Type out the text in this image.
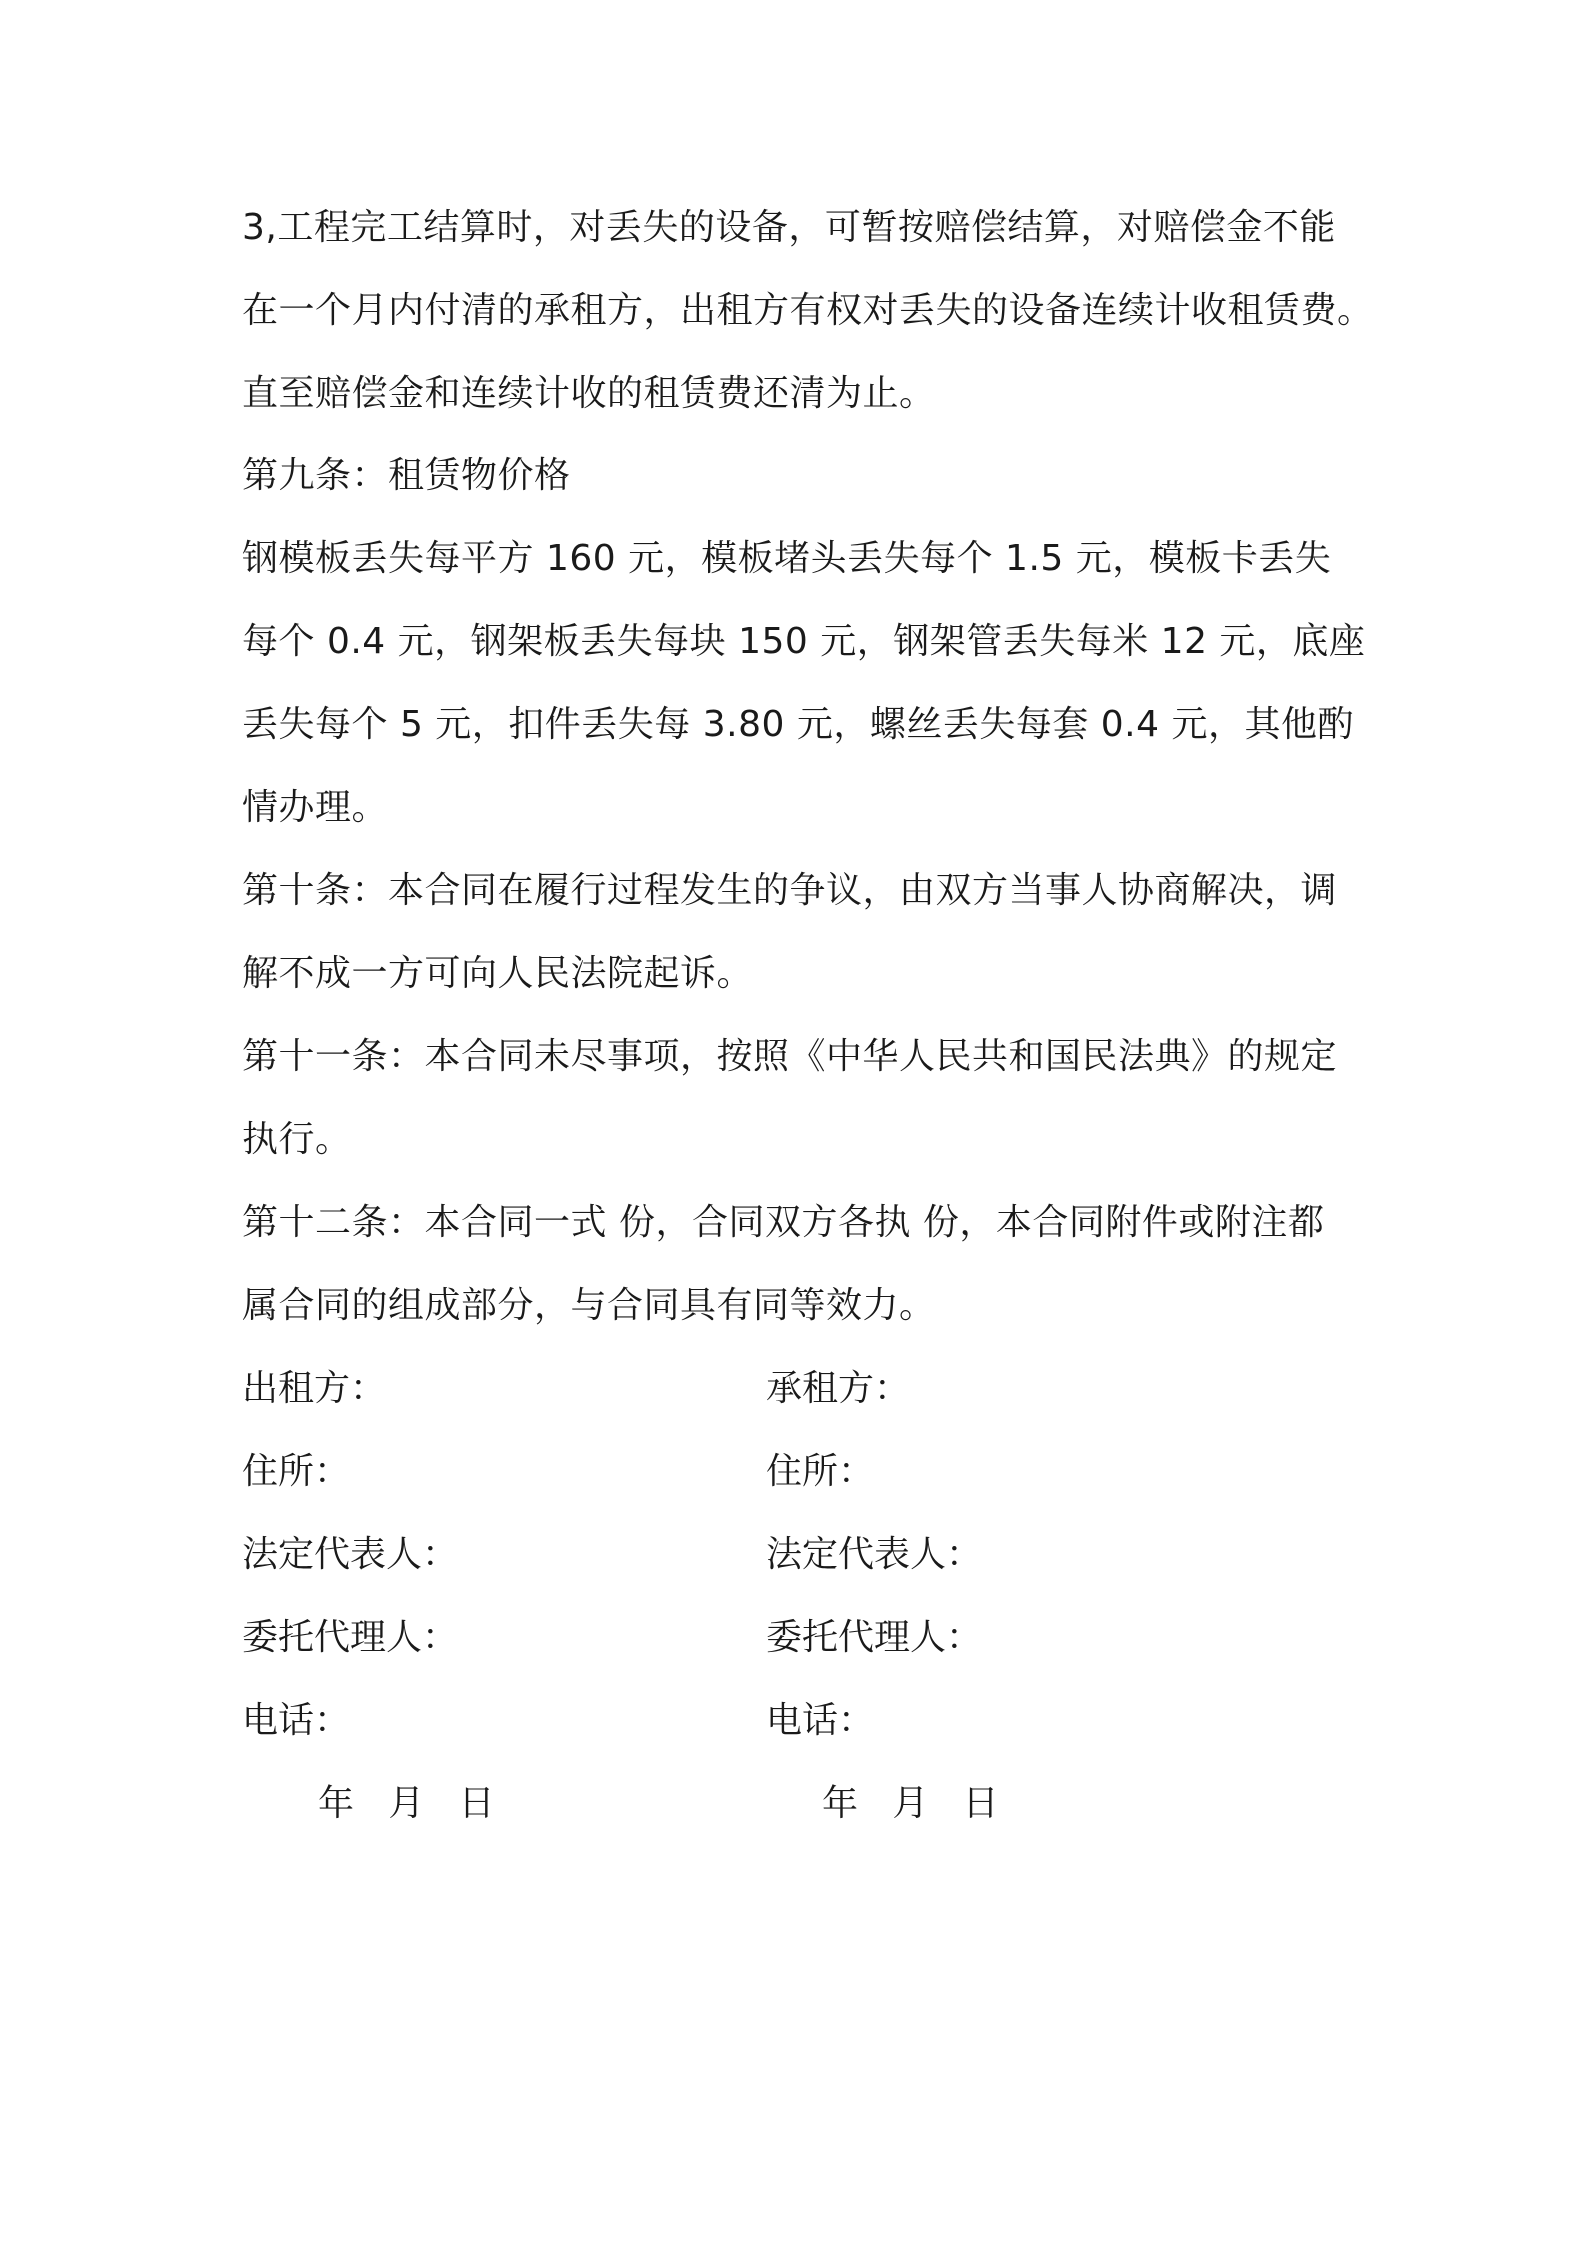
3,工程完工结算时，对丢失的设备，可暂按赔偿结算，对赔偿金不能
在一个月内付清的承租方，出租方有权对丢失的设备连续计收租赁费。
直至赔偿金和连续计收的租赁费还清为止。
第九条：租赁物价格
钢模板丢失每平方 160 元，模板堵头丢失每个 1.5 元，模板卡丢失
每个 0.4 元，钢架板丢失每块 150 元，钢架管丢失每米 12 元，底座
丢失每个 5 元，扣件丢失每 3.80 元，螺丝丢失每套 0.4 元，其他酌
情办理。
第十条：本合同在履行过程发生的争议，由双方当事人协商解决，调
解不成一方可向人民法院起诉。
第十一条：本合同未尽事项，按照《中华人民共和国民法典》的规定
执行。
第十二条：本合同一式 份，合同双方各执 份，本合同附件或附注都
属合同的组成部分，与合同具有同等效力。
出租方：	承租方：
住所：	住所：
法定代表人：	法定代表人：
委托代理人：	委托代理人：
电话：	电话：
年   月   日	年   月   日
